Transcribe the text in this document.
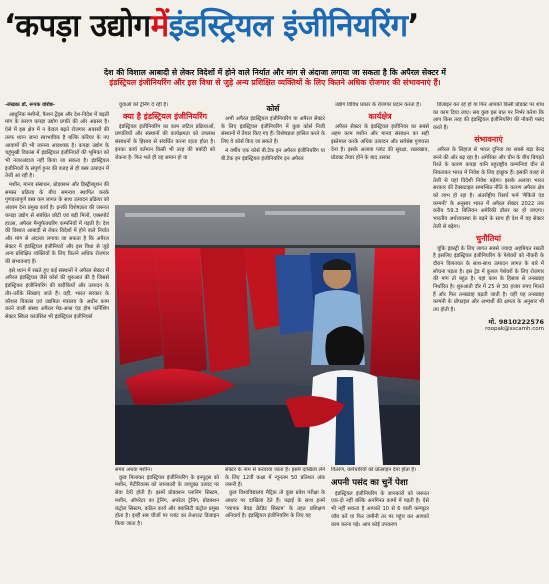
‘कपड़ा उद्योगमेंइंडस्ट्रियल इंजीनियरिंग’
देश की विशाल आबादी से लेकर विदेशों में होने वाले निर्यात और मांग से अंदाजा लगाया जा सकता है कि अपैरल सेक्टर में
इंडस्ट्रियल इंजीनियरिंग और इस विधा से जुड़े अन्य प्रशिक्षित व्यक्तियों के लिए कितने अधिक रोजगार की संभावनाएं हैं।
-लेखकः डॉ. रूपक वशिष्ठ-

आधुनिक मशीनों, फैशन ट्रेंड्स और देश-विदेश में बढ़ती मांग के कारण कपड़ा उद्योग प्रगति की ओर अग्रसर है। ऐसे में इस क्षेत्र में न केवल बढ़ते रोजगार अवसरों की तरफ ध्यान जाना स्वाभाविक है बल्कि करियर के नए आयामों की भी जानना आवश्यक है। कपड़ा उद्योग के चहुंमुखी विकास में इंडस्ट्रियल इंजीनियरों की भूमिका को भी नजरअंदाज नहीं किया जा सकता है। इंडस्ट्रियल इंजीनियरों के संपूर्ण हुनर की वजह से ही बस्त्र उत्पादन में तेजी आ रही है।

मशीन, मानव संसाधन, प्रोडक्शन और डिस्ट्रीब्यूशन की समस्त प्रक्रिया के बीच समन्वय स्थापित करके गुणवत्तापूर्ण वस्त्र कम लागत के साथ उत्पादन प्रक्रिया को अंजाम देना प्रमुख कार्य है। इनकी विशेषज्ञता की जरूरत कपड़ा उद्योग से संबंधित छोटी एवं बड़ी मिलों, एक्सपोर्ट हाउस, अपैरल मैन्युफैक्चरिंग कम्पनियों में पड़ती है। देश की विशाल आबादी से लेकर विदेशों में होने वाले निर्यात और मांग से अंदाजा लगाया जा सकता है कि अपैरल सेक्टर में इंडस्ट्रियल इंजीनियरों और इस विधा से जुड़े अन्य प्रशिक्षित व्यक्तियों के लिए कितने अधिक रोजगार की संभावनाएं हैं।

इसे ध्यान में रखते हुए कई संस्थानों ने अपैरल सेक्टर में अपैरल इंडस्ट्रियल जैसे कोर्स की शुरुआत की है जिससे इंडस्ट्रियल इंजीनियरिंग की बारीकियों और उत्पादन के तौर-तरीके सिखाए जाते हैं। वहीं, भारत सरकार के कौशल विकास एवं उद्यमिता मंत्रालय के अधीन काम करने वाली संस्था अपैरल मेड-अप्स एंड होम फर्निशिंग सेक्टर स्किल काउंसिल भी इंडस्ट्रियल इंजीनियर्स

युवाओं को ट्रेनिंग दे रही है।

क्या है इंडस्ट्रियल इंजीनियरिंग

इंडस्ट्रियल इंजीनियरिंग का काम जटिल प्रक्रियाओं, प्रणालियों और संस्थानों की कार्यक्षमता को उपलब्ध संसाधनों के हिसाब से संवर्धित करना रहता होता है। इनका कार्य वर्तमान किसी भी तरह की बर्बादी को रोकना है- फिर भले ही वह समान हो या

कोर्स

अभी अपैरल इंडस्ट्रियल इंजीनियरिंग या अपैरल सेक्टर के लिए इंडस्ट्रियल इंजीनियरिंग में कुछ कोर्स निजी संस्थानों में तैयार किए गए हैं। विशेषज्ञता हासिल करने के लिए ये कोर्स किए जा सकते हैं।

4 वर्षीय एक कोर्स बी.टैक इन अपैरल इंजीनियरिंग या बी.टैक इन इंडस्ट्रियल इंजीनियरिंग इन अपैरल

उद्योग विविध प्रकार के रोजगार प्रदान करता है।

कार्यक्षेत्र

अपैरल सेक्टर के इंडस्ट्रियल इंजीनियर का सबसे अहम काम मशीन और मानव संसाधन का सही इस्तेमाल करके अधिक उत्पादन और सर्वश्रेष्ठ गुणवत्ता देना है। इसके अलावा प्लांट की सुरक्षा, रखरखाव, प्रोडक्ट तैयार होने के बाद उसका

डिजाइन कर रहे हों या फिर आपको किसी प्रोडक्ट पर शोध का काम दिया जाए। सब कुछ इस बात पर निर्भर करेगा कि आप किस तरह की इंडस्ट्रियल इंजीनियरिंग की नौकरी पसंद करते हैं।

संभावनाएं

अपैरल के लिहाज से भारत दुनिया का सबसे बड़ा केन्द्र बनने की ओर बढ़ रहा है। अमेरिका और चीन के बीच बिगड़ते रिश्ते के कारण कपड़ा यानि बहुराष्ट्रीय कम्पनियां चीन से निकलकर भारत में निवेश के लिए इच्छुक हैं। इसकी वजह से तेजी से यहां विदेशी निवेश बढ़ेगा। इसके अलावा भारत सरकार की टैक्सटाइल सम्बन्धित नीति के कारण अपैरल क्षेत्र को लाभ हो रहा है। अंतर्राष्ट्रीय रिसर्च फर्म 'मैकिंजे एंड कम्पनी' के अनुसार भारत में अपैरल सेक्टर 2022 तक करीब 59.3 बिलियन अमेरिकी डॉलर का हो जाएगा। भारतीय अर्थव्यवस्था के बढ़ने के साथ ही देश में यह सेक्टर तेजी से बढ़ेगा।

चुनौतियां

चूंकि इंडस्ट्री के लिए लागत सबसे ज्यादा अहमियत रखती है इसलिए इंडस्ट्रियल इंजीनियरिंग के पेशेवरों को नौकरी के दौरान किफायत के साथ-साथ उत्पादन लागत के बारे में सोचना पड़ता है। इस ट्रेड में कुशल पेशेवरों के लिए रोजगार की मांग तो बहुत है। यहां काम के हिसाब से तनख्वाह निर्धारित है। शुरुआती दौर में 25 से 30 हजार रुपए मिलते हैं और फिर तनख्वाह बढ़ती जाती है। वहीं यह तनख्वाह कम्पनी के प्रोफाइल और अभ्यर्थी की क्षमता के अनुसार भी तय होती है।

मो. 9810222576
roopak@sscamh.com
समय अथवा मशीन।
कुछ मिलाकर इंडस्ट्रियल इंजीनियरिंग के इनपुट्स को मशीन, मैटीरियल्स को जानकारी के उपयुक्त उत्पाद पर सेवा देनी होती है। इसमें प्रोडक्शन प्लानिंग सिस्टम, मशीन, ऑपरेटर का ट्रेनिंग, अपरेटर ट्रेनिंग, प्रोडक्शन कंट्रोल सिस्टम, कठिन कार्य और क्वालिटी कंट्रोल प्रमुख होता है। इन्हीं सब चीजों पर प्लांट का लेआउट डिजाइन किया जाता है।
सेक्टर के नाम से करवाया जाता है। इसमें दाखिला लेने के लिए 12वीं कक्षा में न्यूनतम 50 प्रतिशत अंक जरूरी हैं।
कुछ विश्वविद्यालय मैट्रिक तो कुछ प्रवेश परीक्षा के आधार पर दाखिला देते हैं। पढ़ाई के साथ इनमें 'ब्यापक बेवड़ क्रेडिट सिस्टम' के तहत प्रशिक्षण अनिवार्य है। इंडस्ट्रियल इंजीनियरिंग के लिए यह
वितरण, कर्मचारियों को प्रोत्साहन देना होता है।
अपनी पसंद का चुनें पेशा
इंडस्ट्रियल इंजीनियरिंग के जानकारों को जरूरत एक-दो नहीं बल्कि अनगिनत कामों में पड़ती है। ऐसे भी नहीं सकता है आपको 10 से 6 वाली कम्प्यूटर जॉब करें या फिर जमीनी तर पर पहुंच कर आपको काम करना पड़े। आप कोई उपकरण
